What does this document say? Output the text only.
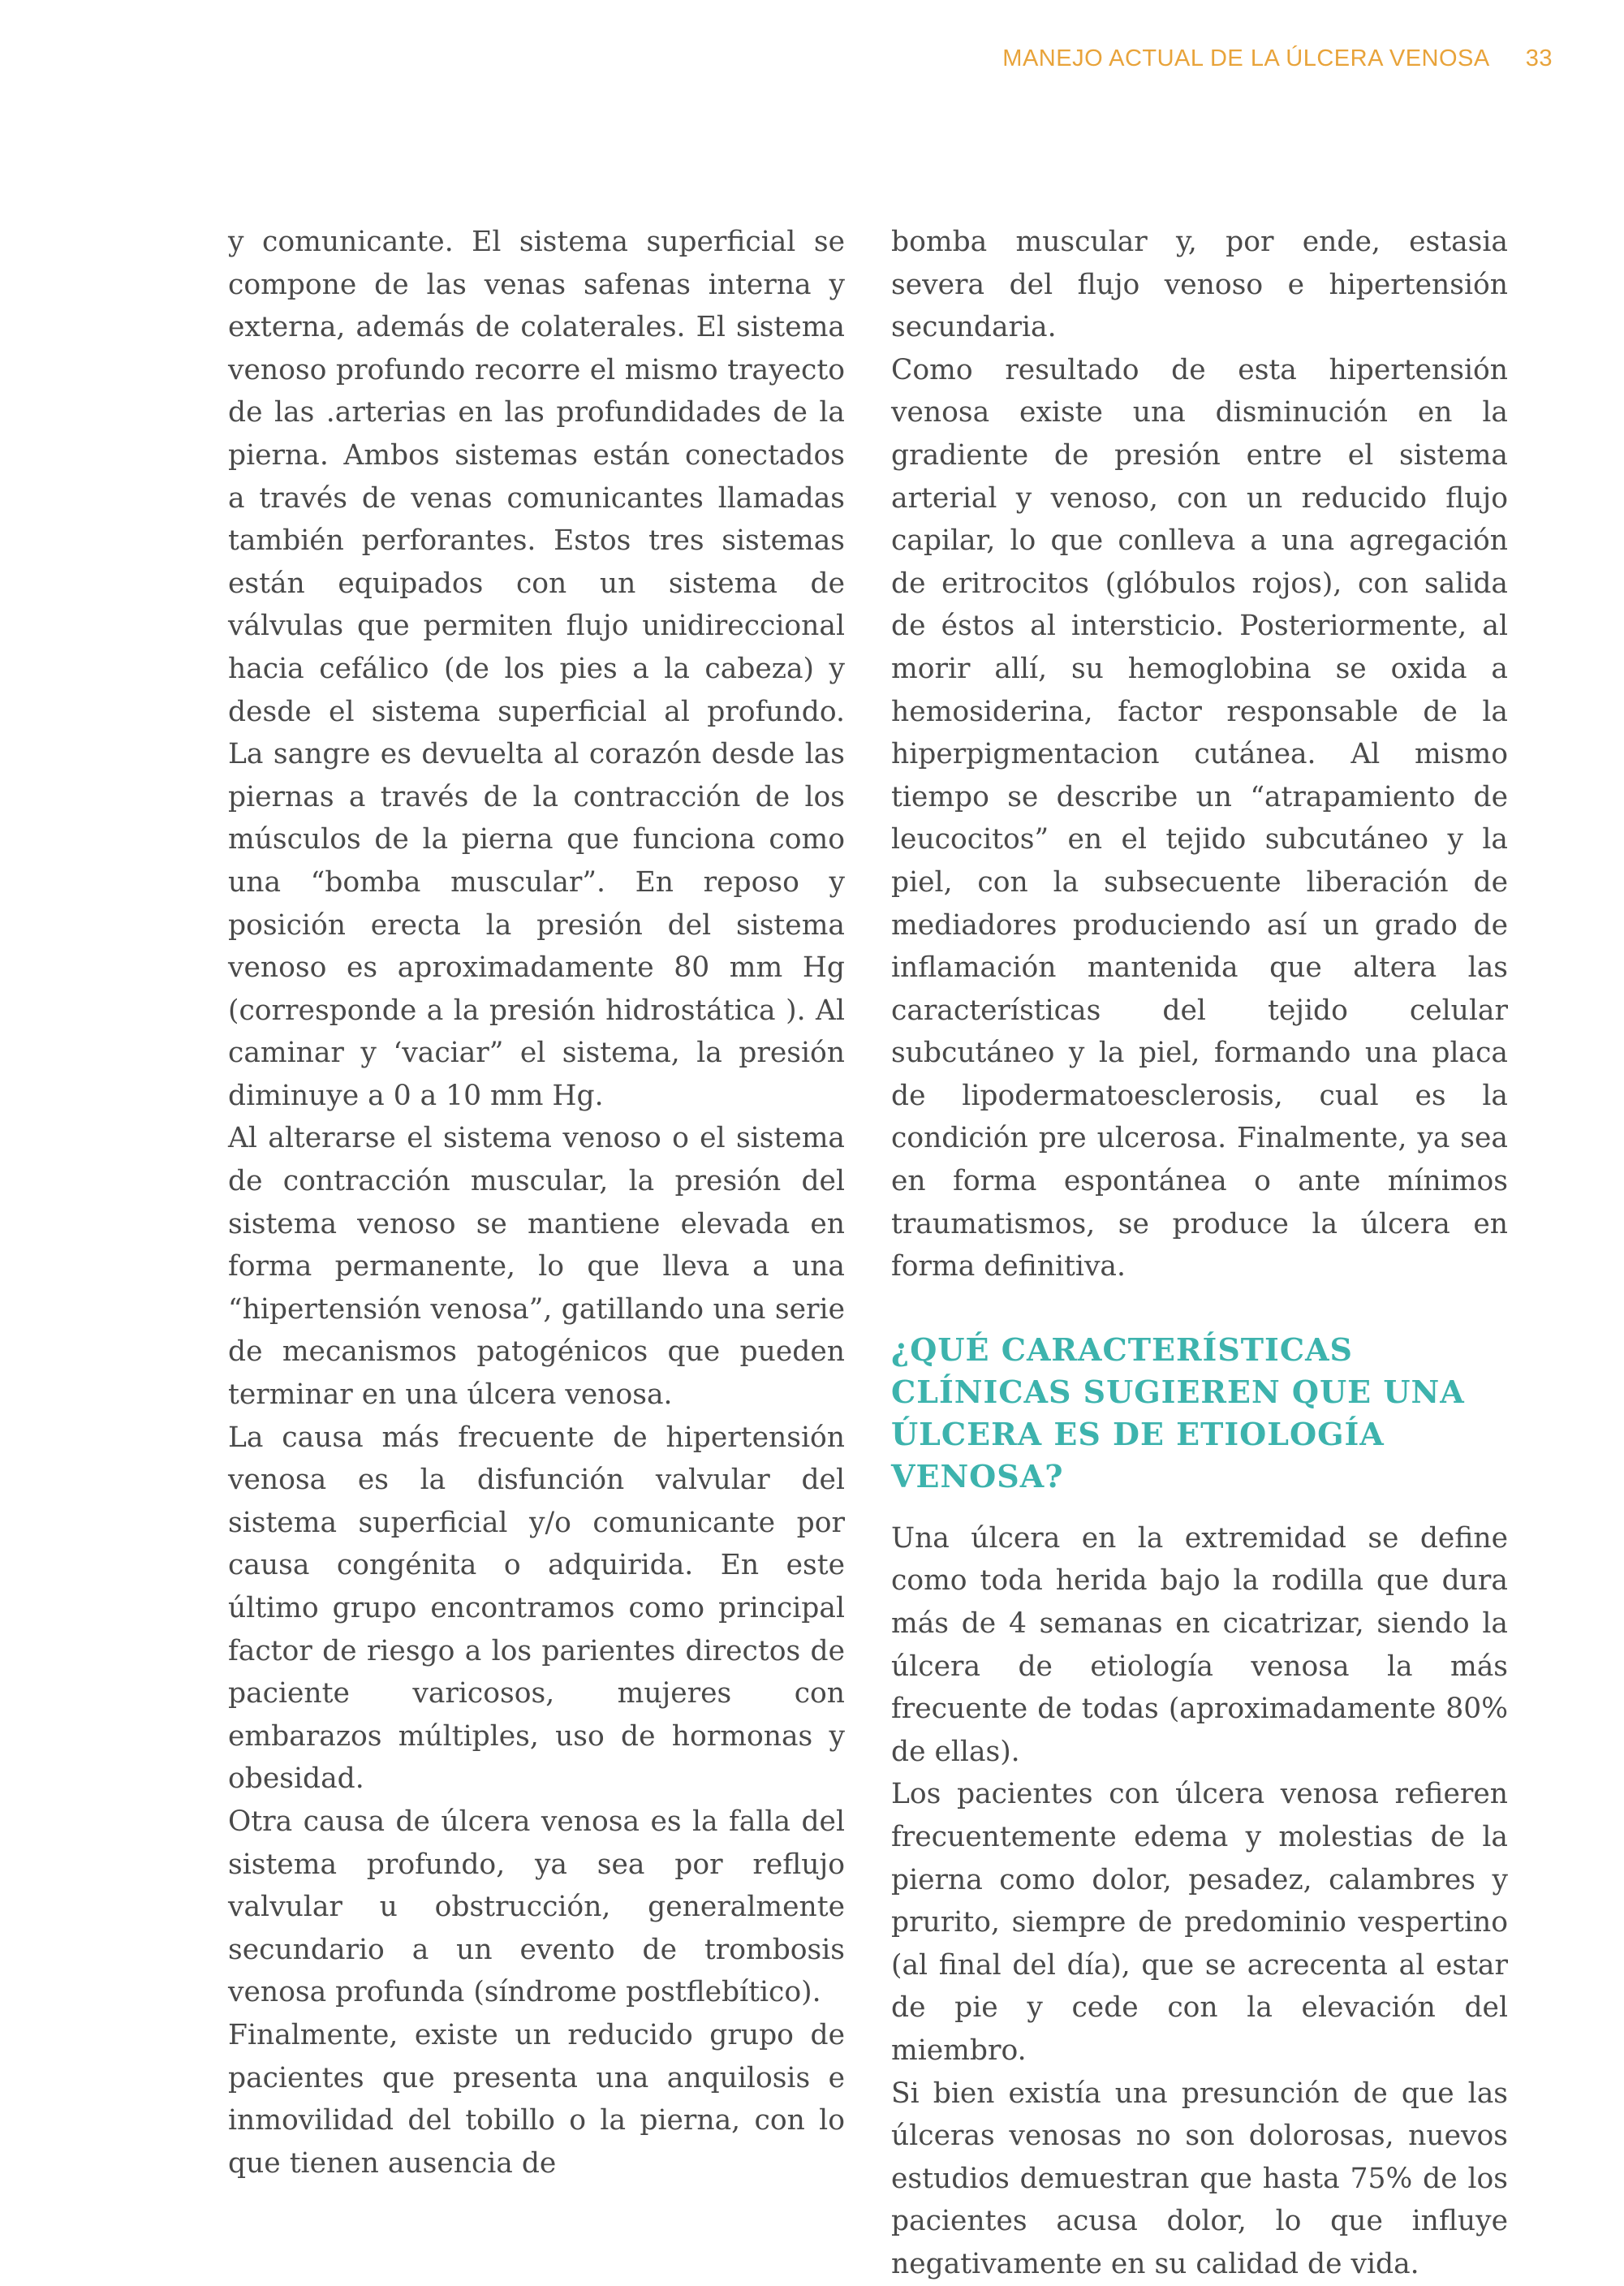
MANEJO ACTUAL DE LA ÚLCERA VENOSA 33

y comunicante. El sistema superficial se compone de las venas safenas interna y externa, además de colaterales. El sistema venoso profundo recorre el mismo trayecto de las .arterias en las profundidades de la pierna. Ambos sistemas están conectados a través de venas comunicantes llamadas también perforantes. Estos tres sistemas están equipados con un sistema de válvulas que permiten flujo unidireccional hacia cefálico (de los pies a la cabeza) y desde el sistema superficial al profundo. La sangre es devuelta al corazón desde las piernas a través de la contracción de los músculos de la pierna que funciona como una “bomba muscular”. En reposo y posición erecta la presión del sistema venoso es aproximadamente 80 mm Hg (corresponde a la presión hidrostática ). Al caminar y ‘vaciar” el sistema, la presión diminuye a 0 a 10 mm Hg.

Al alterarse el sistema venoso o el sistema de contracción muscular, la presión del sistema venoso se mantiene elevada en forma permanente, lo que lleva a una “hipertensión venosa”, gatillando una serie de mecanismos patogénicos que pueden terminar en una úlcera venosa.

La causa más frecuente de hipertensión venosa es la disfunción valvular del sistema superficial y/o comunicante por causa congénita o adquirida. En este último grupo encontramos como principal factor de riesgo a los parientes directos de paciente varicosos, mujeres con embarazos múltiples, uso de hormonas y obesidad.

Otra causa de úlcera venosa es la falla del sistema profundo, ya sea por reflujo valvular u obstrucción, generalmente secundario a un evento de trombosis venosa profunda (síndrome postflebítico).

Finalmente, existe un reducido grupo de pacientes que presenta una anquilosis e inmovilidad del tobillo o la pierna, con lo que tienen ausencia de

bomba muscular y, por ende, estasia severa del flujo venoso e hipertensión secundaria.

Como resultado de esta hipertensión venosa existe una disminución en la gradiente de presión entre el sistema arterial y venoso, con un reducido flujo capilar, lo que conlleva a una agregación de eritrocitos (glóbulos rojos), con salida de éstos al intersticio. Posteriormente, al morir allí, su hemoglobina se oxida a hemosiderina, factor responsable de la hiperpigmentacion cutánea. Al mismo tiempo se describe un “atrapamiento de leucocitos” en el tejido subcutáneo y la piel, con la subsecuente liberación de mediadores produciendo así un grado de inflamación mantenida que altera las características del tejido celular subcutáneo y la piel, formando una placa de lipodermatoesclerosis, cual es la condición pre ulcerosa. Finalmente, ya sea en forma espontánea o ante mínimos traumatismos, se produce la úlcera en forma definitiva.

¿QUÉ CARACTERÍSTICAS CLÍNICAS SUGIEREN QUE UNA ÚLCERA ES DE ETIOLOGÍA VENOSA?

Una úlcera en la extremidad se define como toda herida bajo la rodilla que dura más de 4 semanas en cicatrizar, siendo la úlcera de etiología venosa la más frecuente de todas (aproximadamente 80% de ellas).

Los pacientes con úlcera venosa refieren frecuentemente edema y molestias de la pierna como dolor, pesadez, calambres y prurito, siempre de predominio vespertino (al final del día), que se acrecenta al estar de pie y cede con la elevación del miembro.

Si bien existía una presunción de que las úlceras venosas no son dolorosas, nuevos estudios demuestran que hasta 75% de los pacientes acusa dolor, lo que influye negativamente en su calidad de vida.
